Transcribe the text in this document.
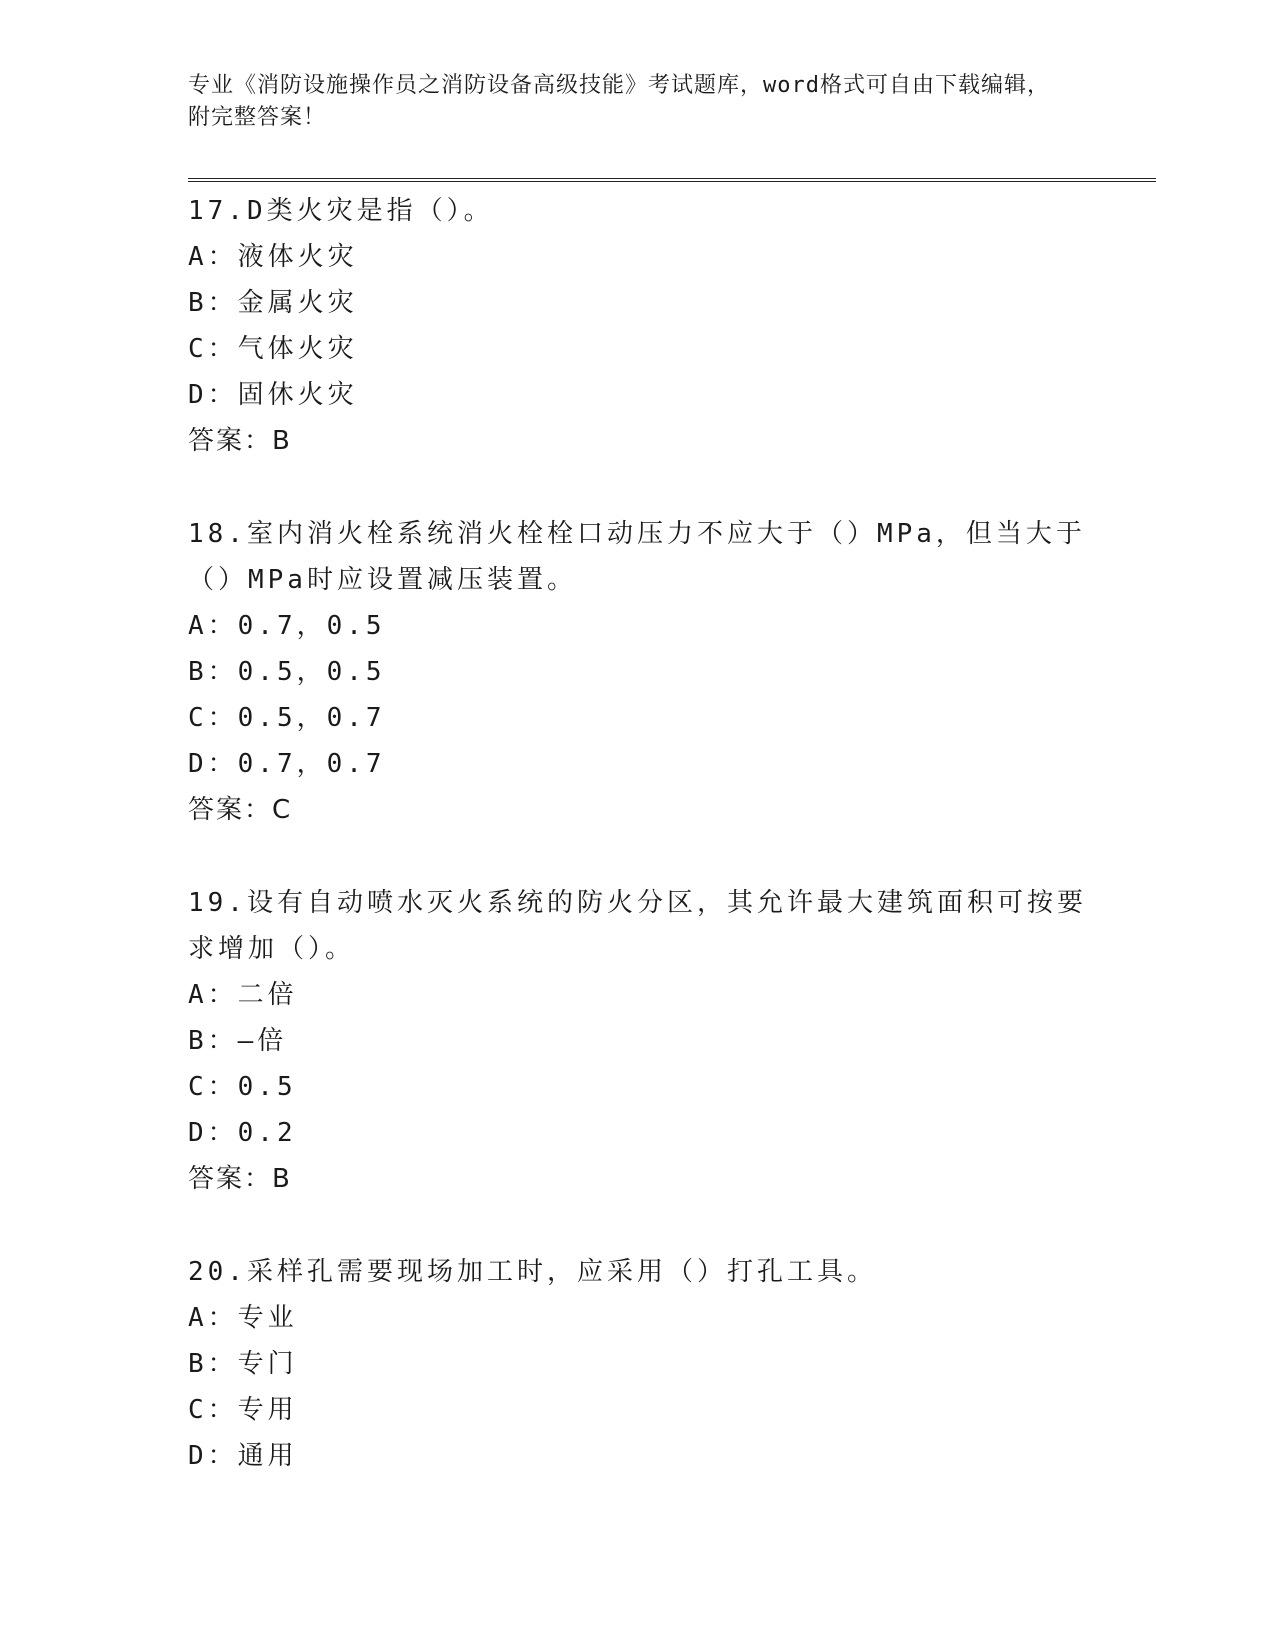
专业《消防设施操作员之消防设备高级技能》考试题库，word格式可自由下载编辑，附完整答案！

17.D类火灾是指（）。

A：液体火灾

B：金属火灾

C：气体火灾

D：固休火灾

答案：B

18.室内消火栓系统消火栓栓口动压力不应大于（）MPa，但当大于（）MPa时应设置减压装置。

A：0.7，0.5

B：0.5，0.5

C：0.5，0.7

D：0.7，0.7

答案：C

19.设有自动喷水灭火系统的防火分区，其允许最大建筑面积可按要求增加（）。

A：二倍

B：—倍

C：0.5

D：0.2

答案：B

20.采样孔需要现场加工时，应采用（）打孔工具。

A：专业

B：专门

C：专用

D：通用
